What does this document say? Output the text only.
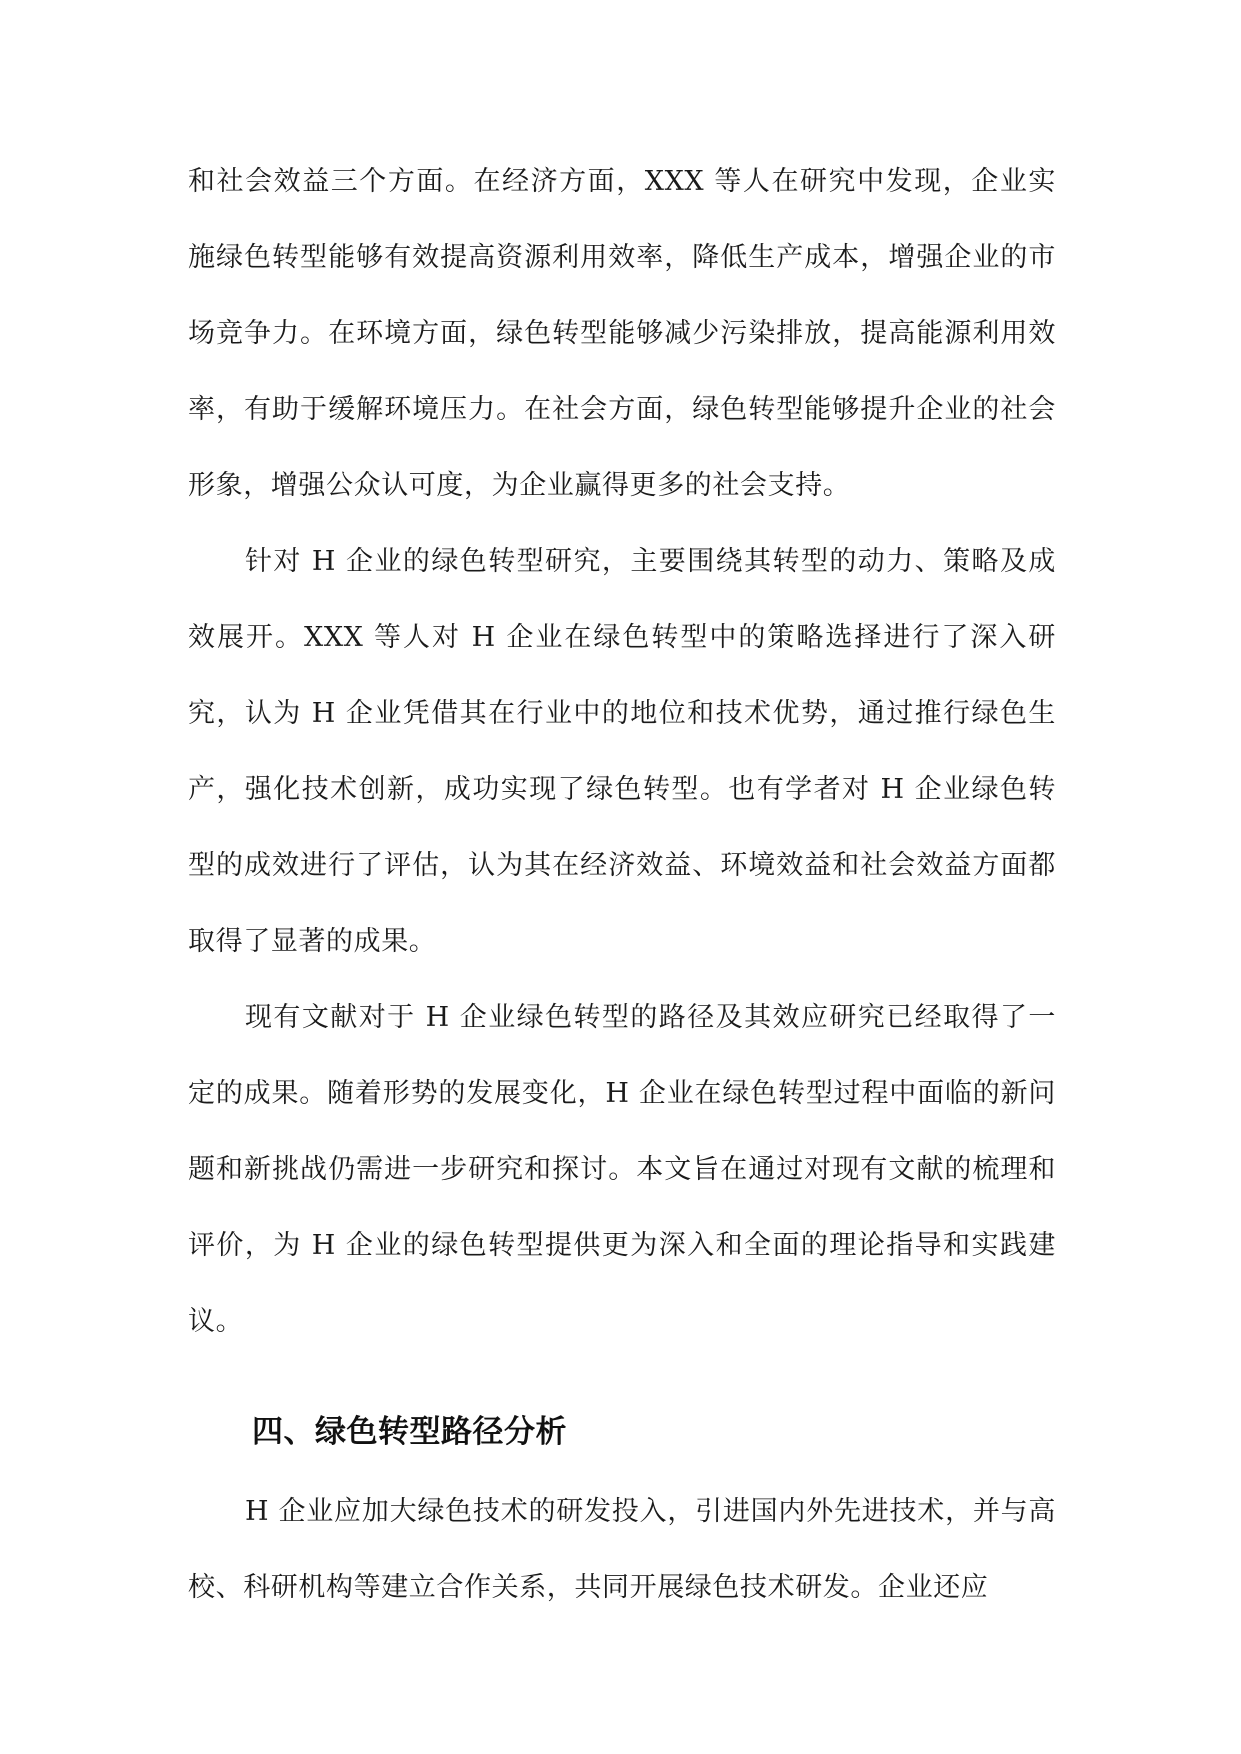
和社会效益三个方面。在经济方面，XXX 等人在研究中发现，企业实施绿色转型能够有效提高资源利用效率，降低生产成本，增强企业的市场竞争力。在环境方面，绿色转型能够减少污染排放，提高能源利用效率，有助于缓解环境压力。在社会方面，绿色转型能够提升企业的社会形象，增强公众认可度，为企业赢得更多的社会支持。

针对 H 企业的绿色转型研究，主要围绕其转型的动力、策略及成效展开。XXX 等人对 H 企业在绿色转型中的策略选择进行了深入研究，认为 H 企业凭借其在行业中的地位和技术优势，通过推行绿色生产，强化技术创新，成功实现了绿色转型。也有学者对 H 企业绿色转型的成效进行了评估，认为其在经济效益、环境效益和社会效益方面都取得了显著的成果。

现有文献对于 H 企业绿色转型的路径及其效应研究已经取得了一定的成果。随着形势的发展变化，H 企业在绿色转型过程中面临的新问题和新挑战仍需进一步研究和探讨。本文旨在通过对现有文献的梳理和评价，为 H 企业的绿色转型提供更为深入和全面的理论指导和实践建议。

四、绿色转型路径分析

H 企业应加大绿色技术的研发投入，引进国内外先进技术，并与高校、科研机构等建立合作关系，共同开展绿色技术研发。企业还应
